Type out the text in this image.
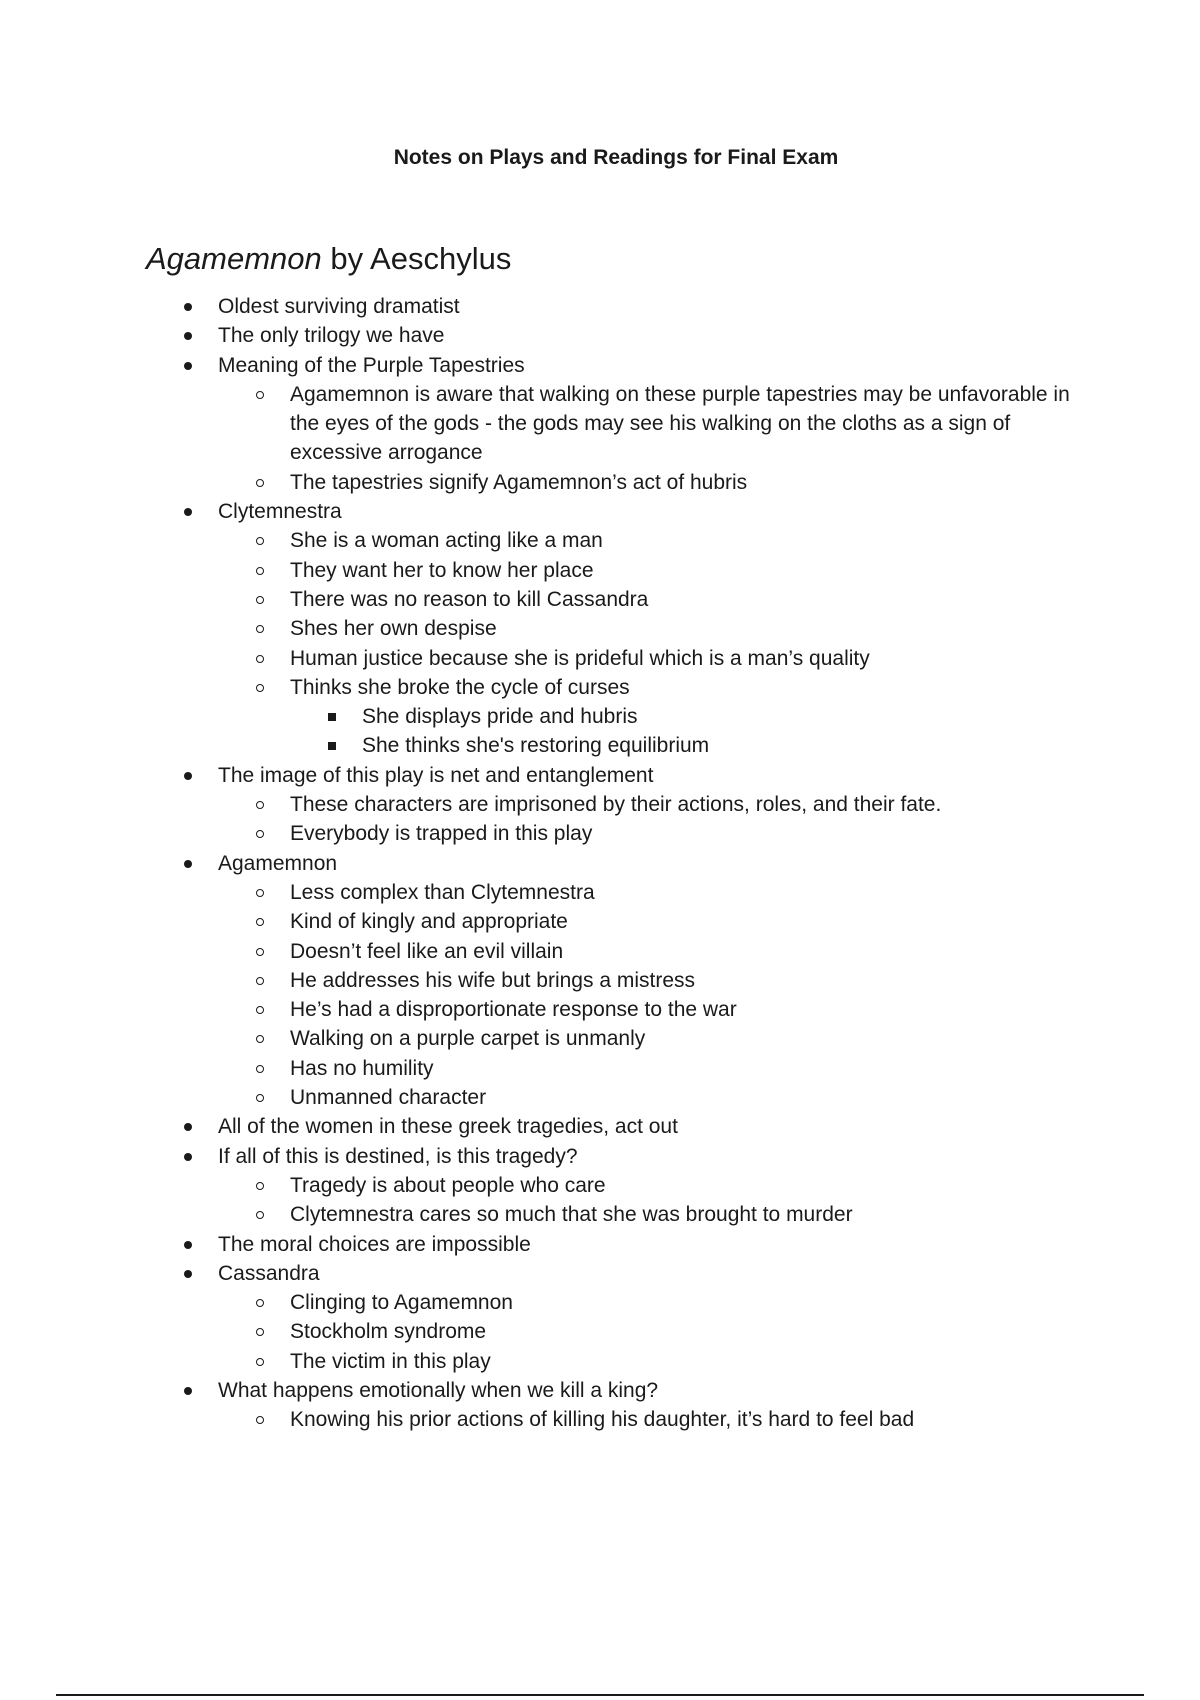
Notes on Plays and Readings for Final Exam
Agamemnon by Aeschylus
Oldest surviving dramatist
The only trilogy we have
Meaning of the Purple Tapestries
Agamemnon is aware that walking on these purple tapestries may be unfavorable in the eyes of the gods - the gods may see his walking on the cloths as a sign of excessive arrogance
The tapestries signify Agamemnon’s act of hubris
Clytemnestra
She is a woman acting like a man
They want her to know her place
There was no reason to kill Cassandra
Shes her own despise
Human justice because she is prideful which is a man’s quality
Thinks she broke the cycle of curses
She displays pride and hubris
She thinks she's restoring equilibrium
The image of this play is net and entanglement
These characters are imprisoned by their actions, roles, and their fate.
Everybody is trapped in this play
Agamemnon
Less complex than Clytemnestra
Kind of kingly and appropriate
Doesn’t feel like an evil villain
He addresses his wife but brings a mistress
He’s had a disproportionate response to the war
Walking on a purple carpet is unmanly
Has no humility
Unmanned character
All of the women in these greek tragedies, act out
If all of this is destined, is this tragedy?
Tragedy is about people who care
Clytemnestra cares so much that she was brought to murder
The moral choices are impossible
Cassandra
Clinging to Agamemnon
Stockholm syndrome
The victim in this play
What happens emotionally when we kill a king?
Knowing his prior actions of killing his daughter, it’s hard to feel bad
